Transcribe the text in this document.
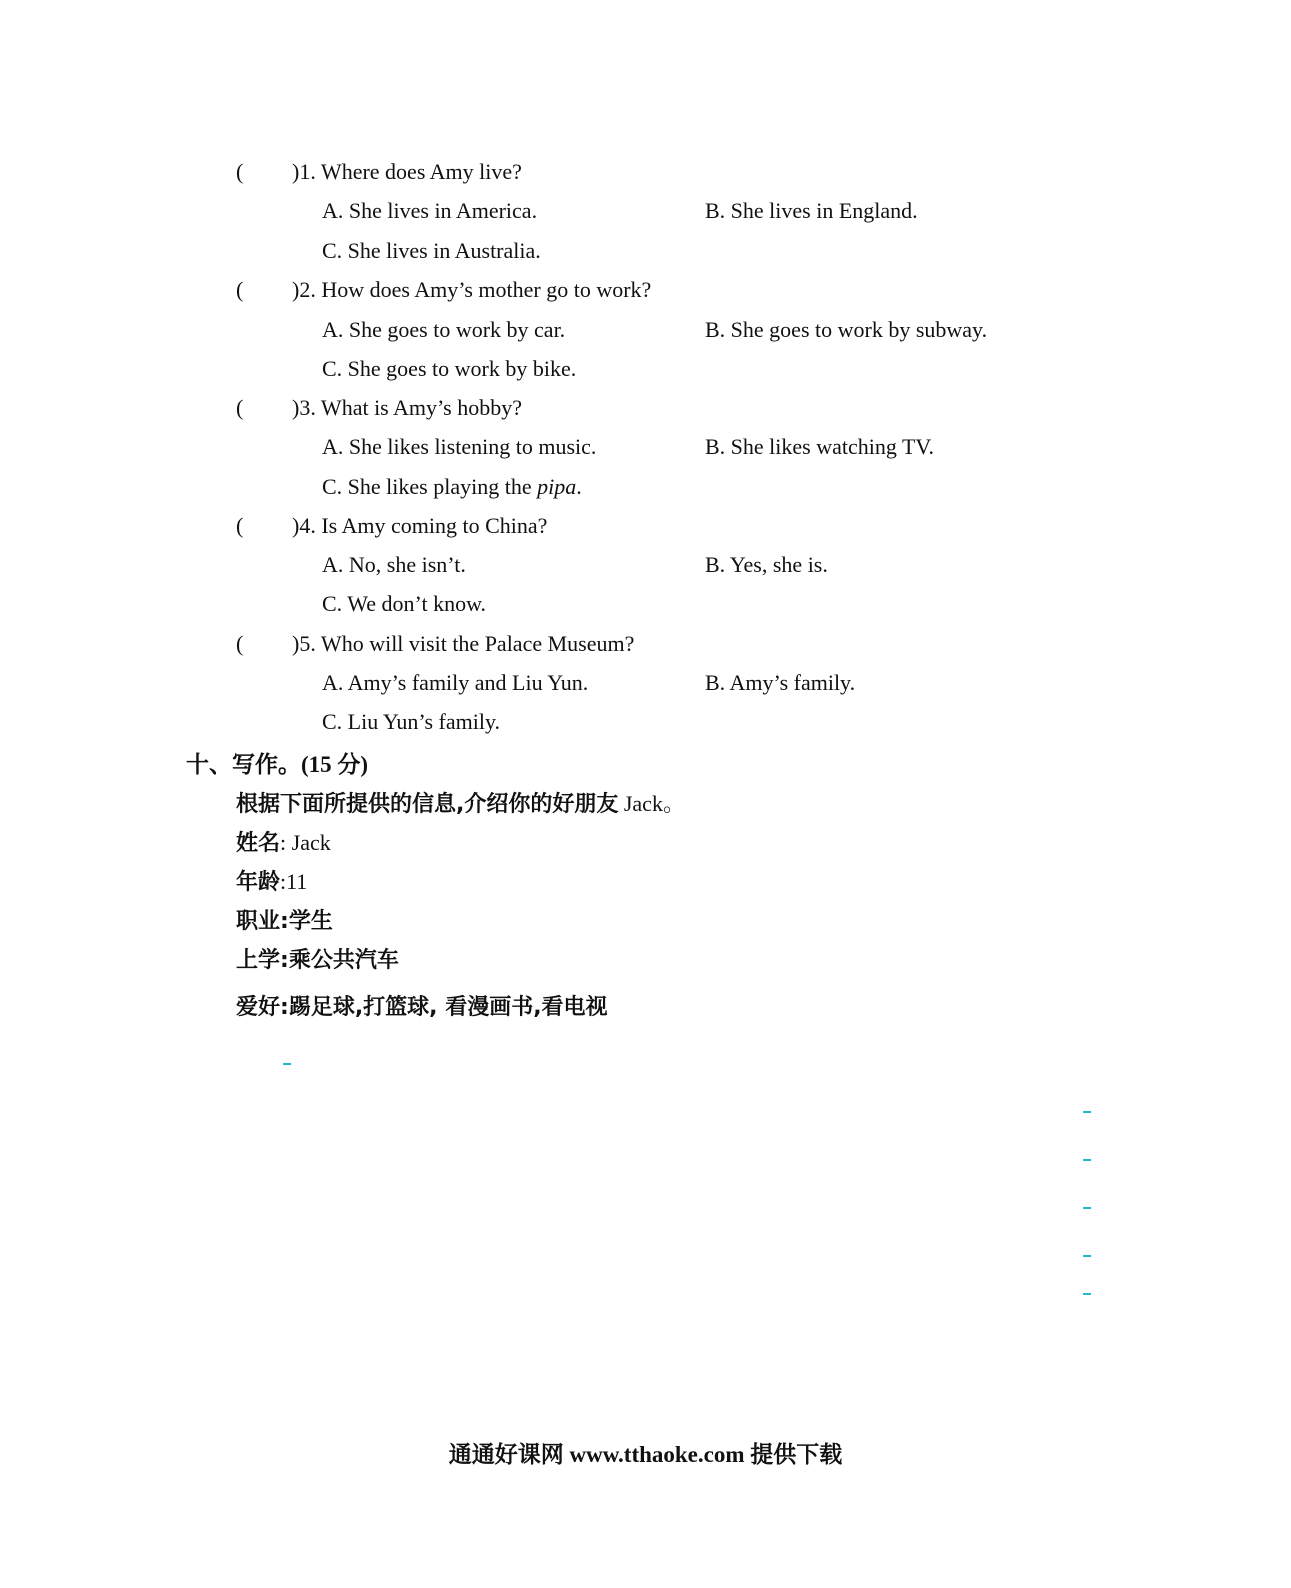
( )1. Where does Amy live?
A. She lives in America.	B. She lives in England.
C. She lives in Australia.
( )2. How does Amy’s mother go to work?
A. She goes to work by car.	B. She goes to work by subway.
C. She goes to work by bike.
( )3. What is Amy’s hobby?
A. She likes listening to music.	B. She likes watching TV.
C. She likes playing the pipa.
( )4. Is Amy coming to China?
A. No, she isn’t.	B. Yes, she is.
C. We don’t know.
( )5. Who will visit the Palace Museum?
A. Amy’s family and Liu Yun.	B. Amy’s family.
C. Liu Yun’s family.
十、写作。(15 分)
根据下面所提供的信息,介绍你的好朋友 Jack。
姓名: Jack
年龄:11
职业:学生
上学:乘公共汽车
爱好:踢足球,打篮球, 看漫画书,看电视
通通好课网 www.tthaoke.com 提供下载
